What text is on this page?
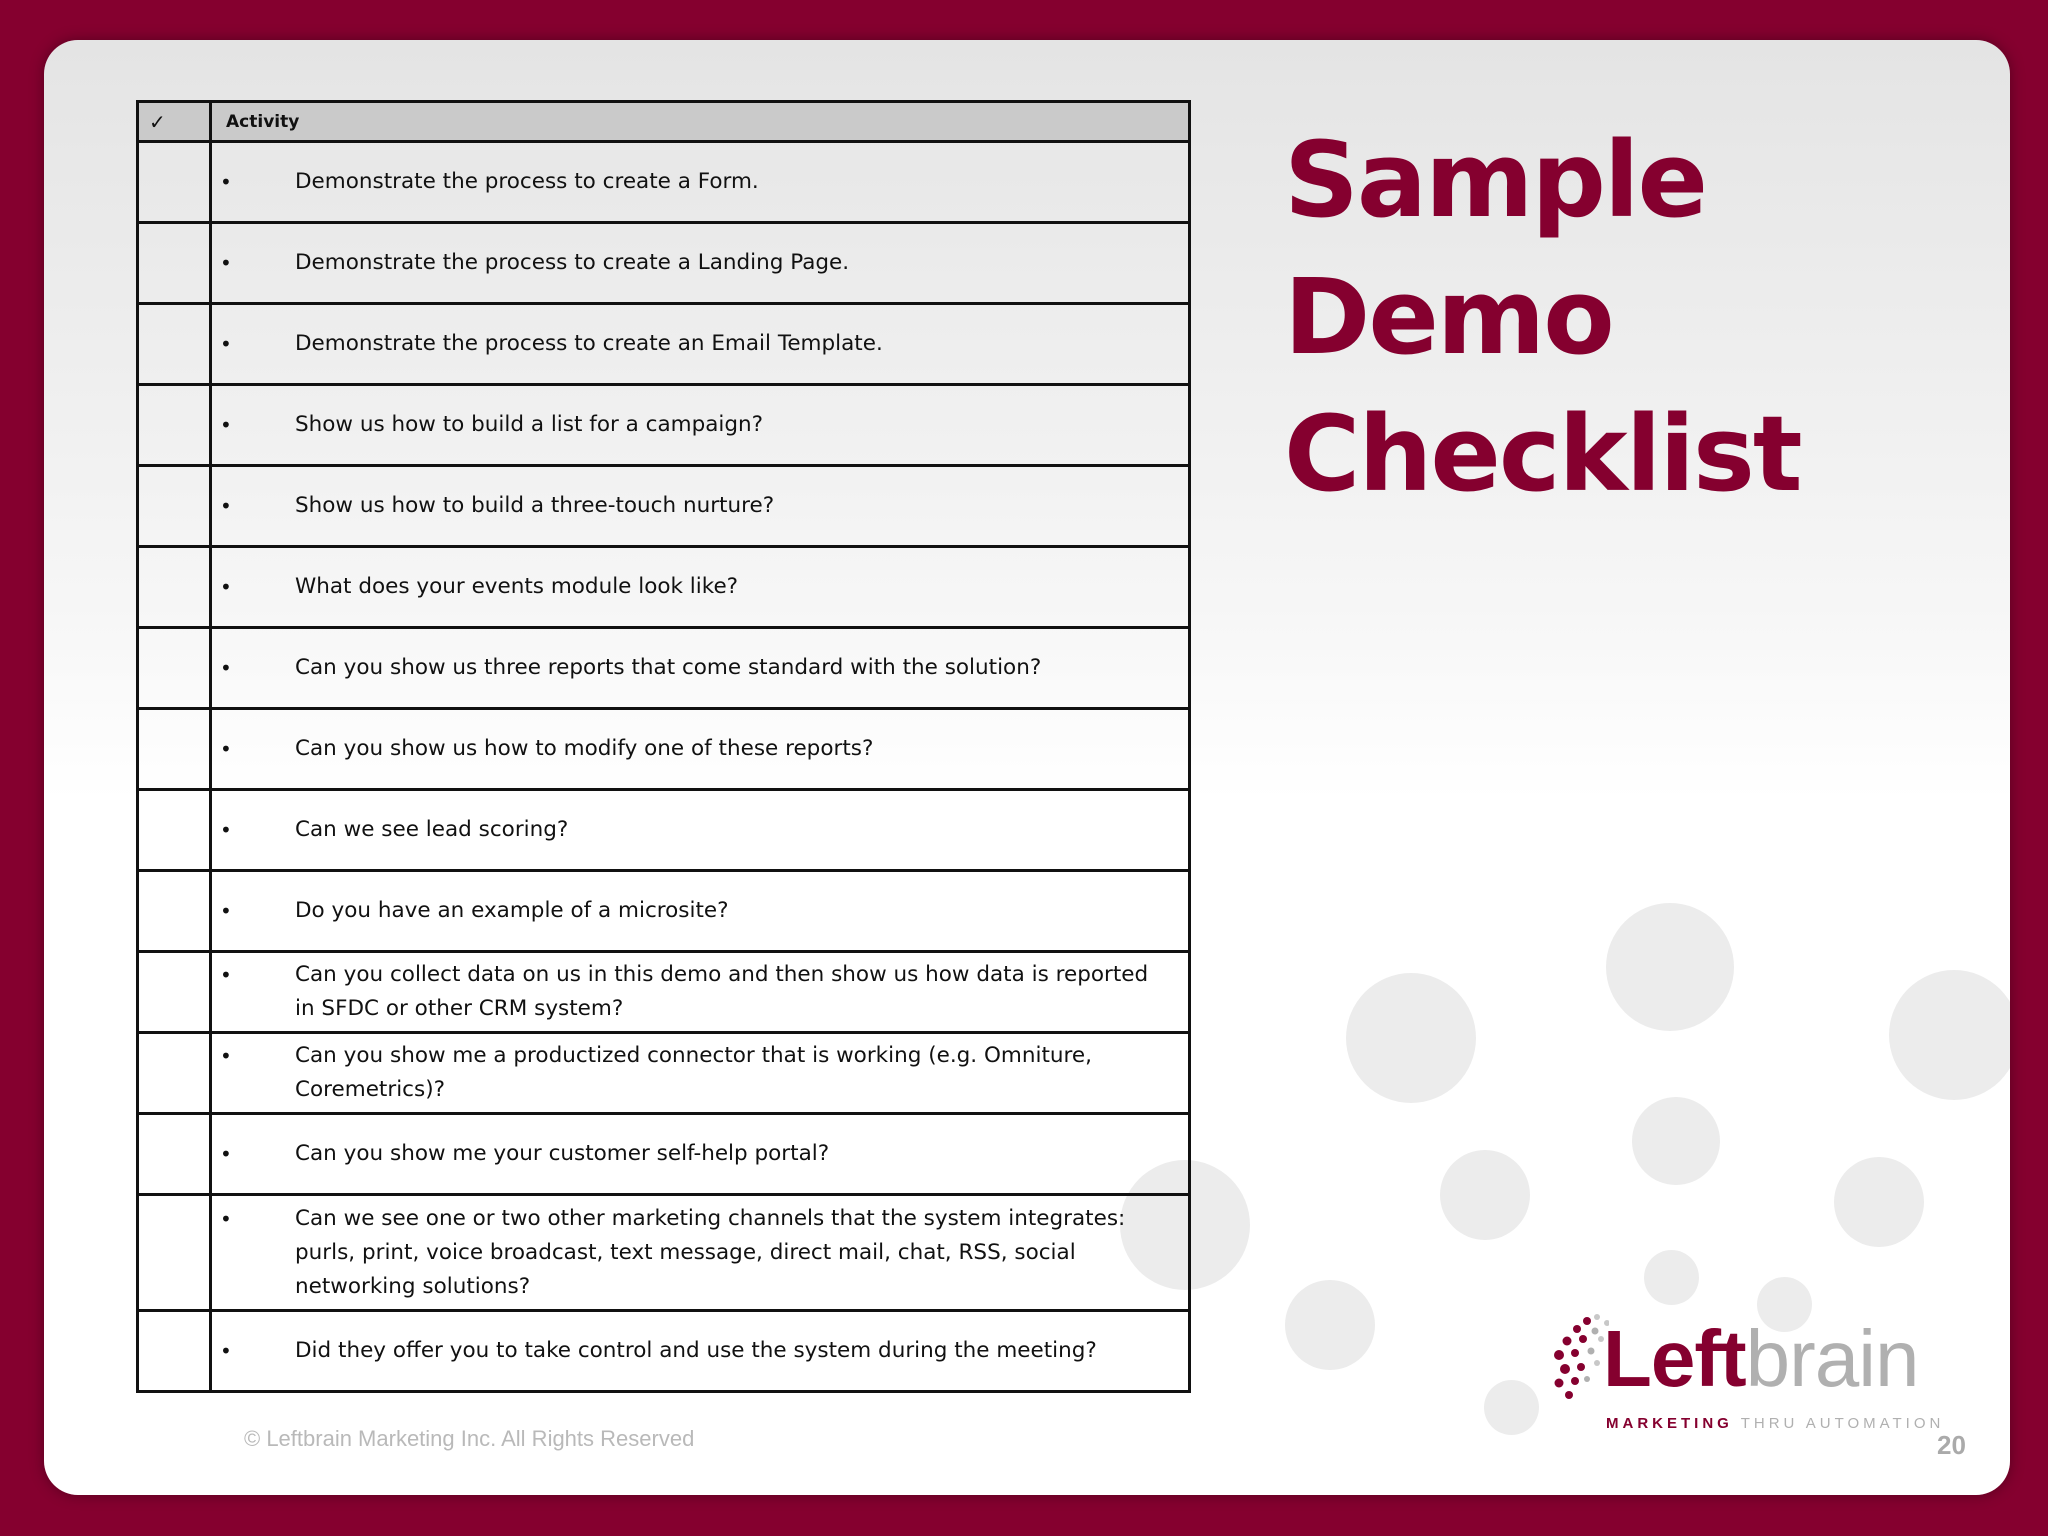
✓	Activity

	• Demonstrate the process to create a Form.

	• Demonstrate the process to create a Landing Page.

	• Demonstrate the process to create an Email Template.

	• Show us how to build a list for a campaign?

	• Show us how to build a three-touch nurture?

	• What does your events module look like?

	• Can you show us three reports that come standard with the solution?

	• Can you show us how to modify one of these reports?

	• Can we see lead scoring?

	• Do you have an example of a microsite?

	• Can you collect data on us in this demo and then show us how data is reported in SFDC or other CRM system?

	• Can you show me a productized connector that is working (e.g. Omniture, Coremetrics)?

	• Can you show me your customer self-help portal?

	• Can we see one or two other marketing channels that the system integrates: purls, print, voice broadcast, text message, direct mail, chat, RSS, social networking solutions?

	• Did they offer you to take control and use the system during the meeting?
Sample
Demo
Checklist
© Leftbrain Marketing Inc. All Rights Reserved
Leftbrain
MARKETING THRU AUTOMATION
20
